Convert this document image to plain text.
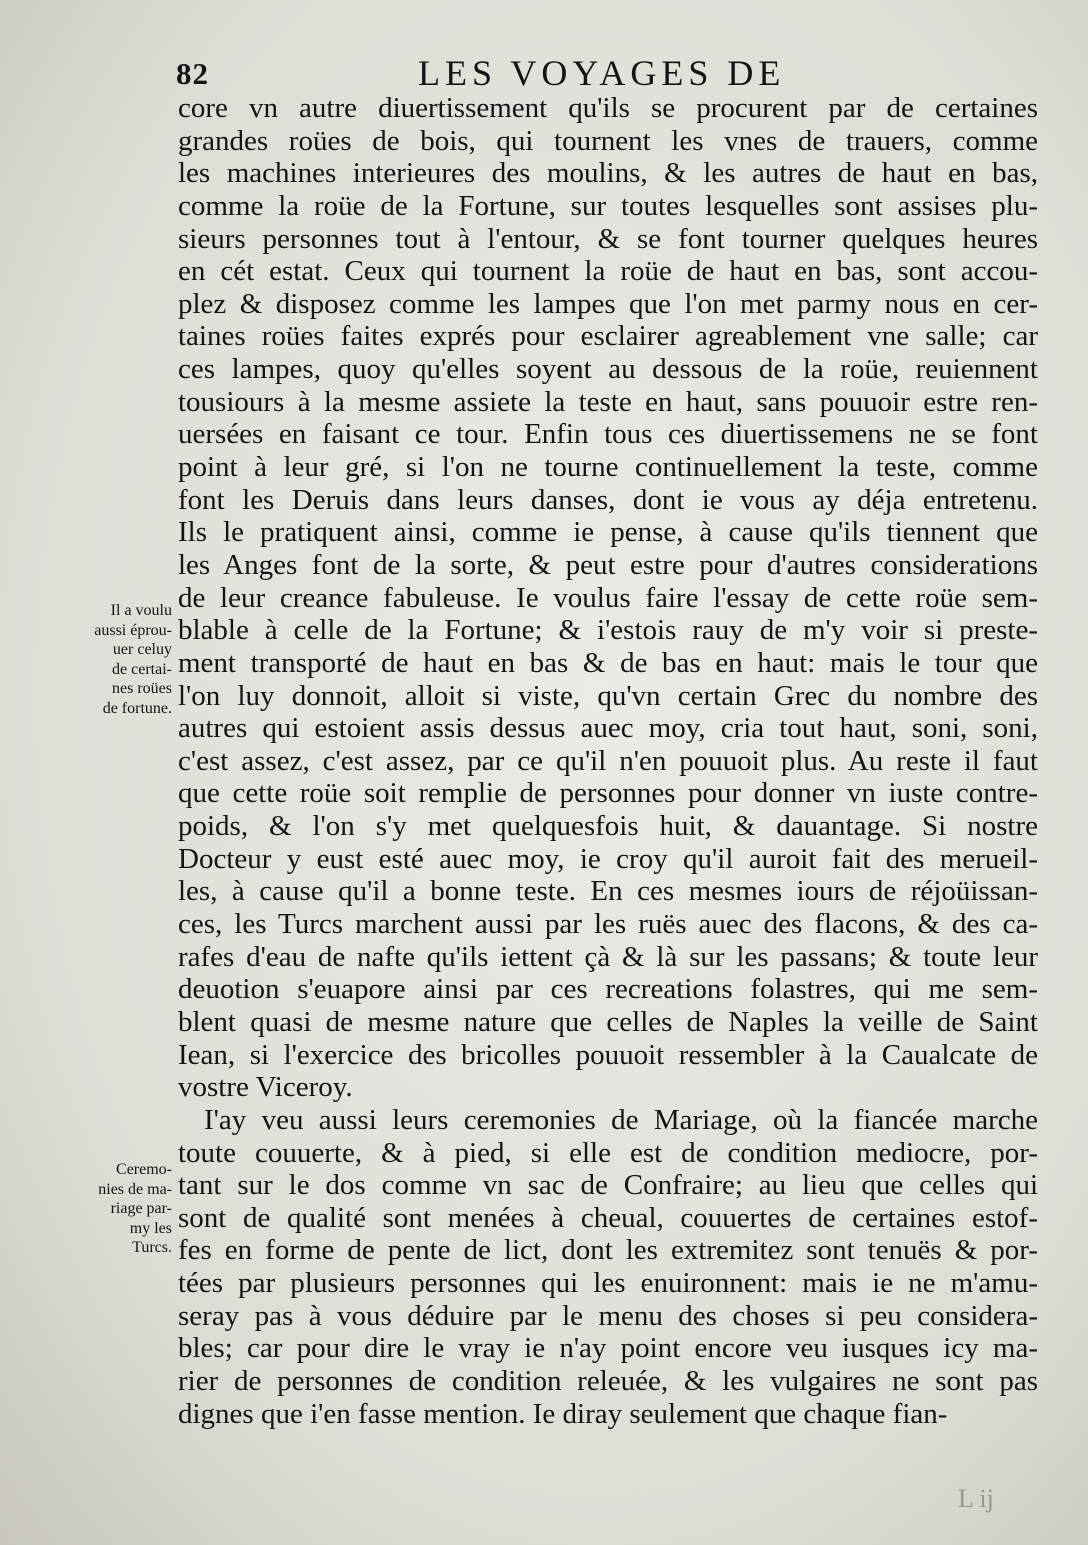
82	LES VOYAGES DE
core vn autre diuertissement qu'ils se procurent par de certaines
grandes roües de bois, qui tournent les vnes de trauers, comme
les machines interieures des moulins, & les autres de haut en bas,
comme la roüe de la Fortune, sur toutes lesquelles sont assises plu-
sieurs personnes tout à l'entour, & se font tourner quelques heures
en cét estat. Ceux qui tournent la roüe de haut en bas, sont accou-
plez & disposez comme les lampes que l'on met parmy nous en cer-
taines roües faites exprés pour esclairer agreablement vne salle; car
ces lampes, quoy qu'elles soyent au dessous de la roüe, reuiennent
tousiours à la mesme assiete la teste en haut, sans pouuoir estre ren-
uersées en faisant ce tour. Enfin tous ces diuertissemens ne se font
point à leur gré, si l'on ne tourne continuellement la teste, comme
font les Deruis dans leurs danses, dont ie vous ay déja entretenu.
Ils le pratiquent ainsi, comme ie pense, à cause qu'ils tiennent que
les Anges font de la sorte, & peut estre pour d'autres considerations
de leur creance fabuleuse. Ie voulus faire l'essay de cette roüe sem-
blable à celle de la Fortune; & i'estois rauy de m'y voir si preste-
ment transporté de haut en bas & de bas en haut: mais le tour que
l'on luy donnoit, alloit si viste, qu'vn certain Grec du nombre des
autres qui estoient assis dessus auec moy, cria tout haut, soni, soni,
c'est assez, c'est assez, par ce qu'il n'en pouuoit plus. Au reste il faut
que cette roüe soit remplie de personnes pour donner vn iuste contre-
poids, & l'on s'y met quelquesfois huit, & dauantage. Si nostre
Docteur y eust esté auec moy, ie croy qu'il auroit fait des merueil-
les, à cause qu'il a bonne teste. En ces mesmes iours de réjoüissan-
ces, les Turcs marchent aussi par les ruës auec des flacons, & des ca-
rafes d'eau de nafte qu'ils iettent çà & là sur les passans; & toute leur
deuotion s'euapore ainsi par ces recreations folastres, qui me sem-
blent quasi de mesme nature que celles de Naples la veille de Saint
Iean, si l'exercice des bricolles pouuoit ressembler à la Caualcate de
vostre Viceroy.
I'ay veu aussi leurs ceremonies de Mariage, où la fiancée marche
toute couuerte, & à pied, si elle est de condition mediocre, por-
tant sur le dos comme vn sac de Confraire; au lieu que celles qui
sont de qualité sont menées à cheual, couuertes de certaines estof-
fes en forme de pente de lict, dont les extremitez sont tenuës & por-
tées par plusieurs personnes qui les enuironnent: mais ie ne m'amu-
seray pas à vous déduire par le menu des choses si peu considera-
bles; car pour dire le vray ie n'ay point encore veu iusques icy ma-
rier de personnes de condition releuée, & les vulgaires ne sont pas
dignes que i'en fasse mention. Ie diray seulement que chaque fian-
Il a voulu
aussi éprou-
uer celuy
de certai-
nes roües
de fortune.
Ceremo-
nies de ma-
riage par-
my les
Turcs.
L ij
